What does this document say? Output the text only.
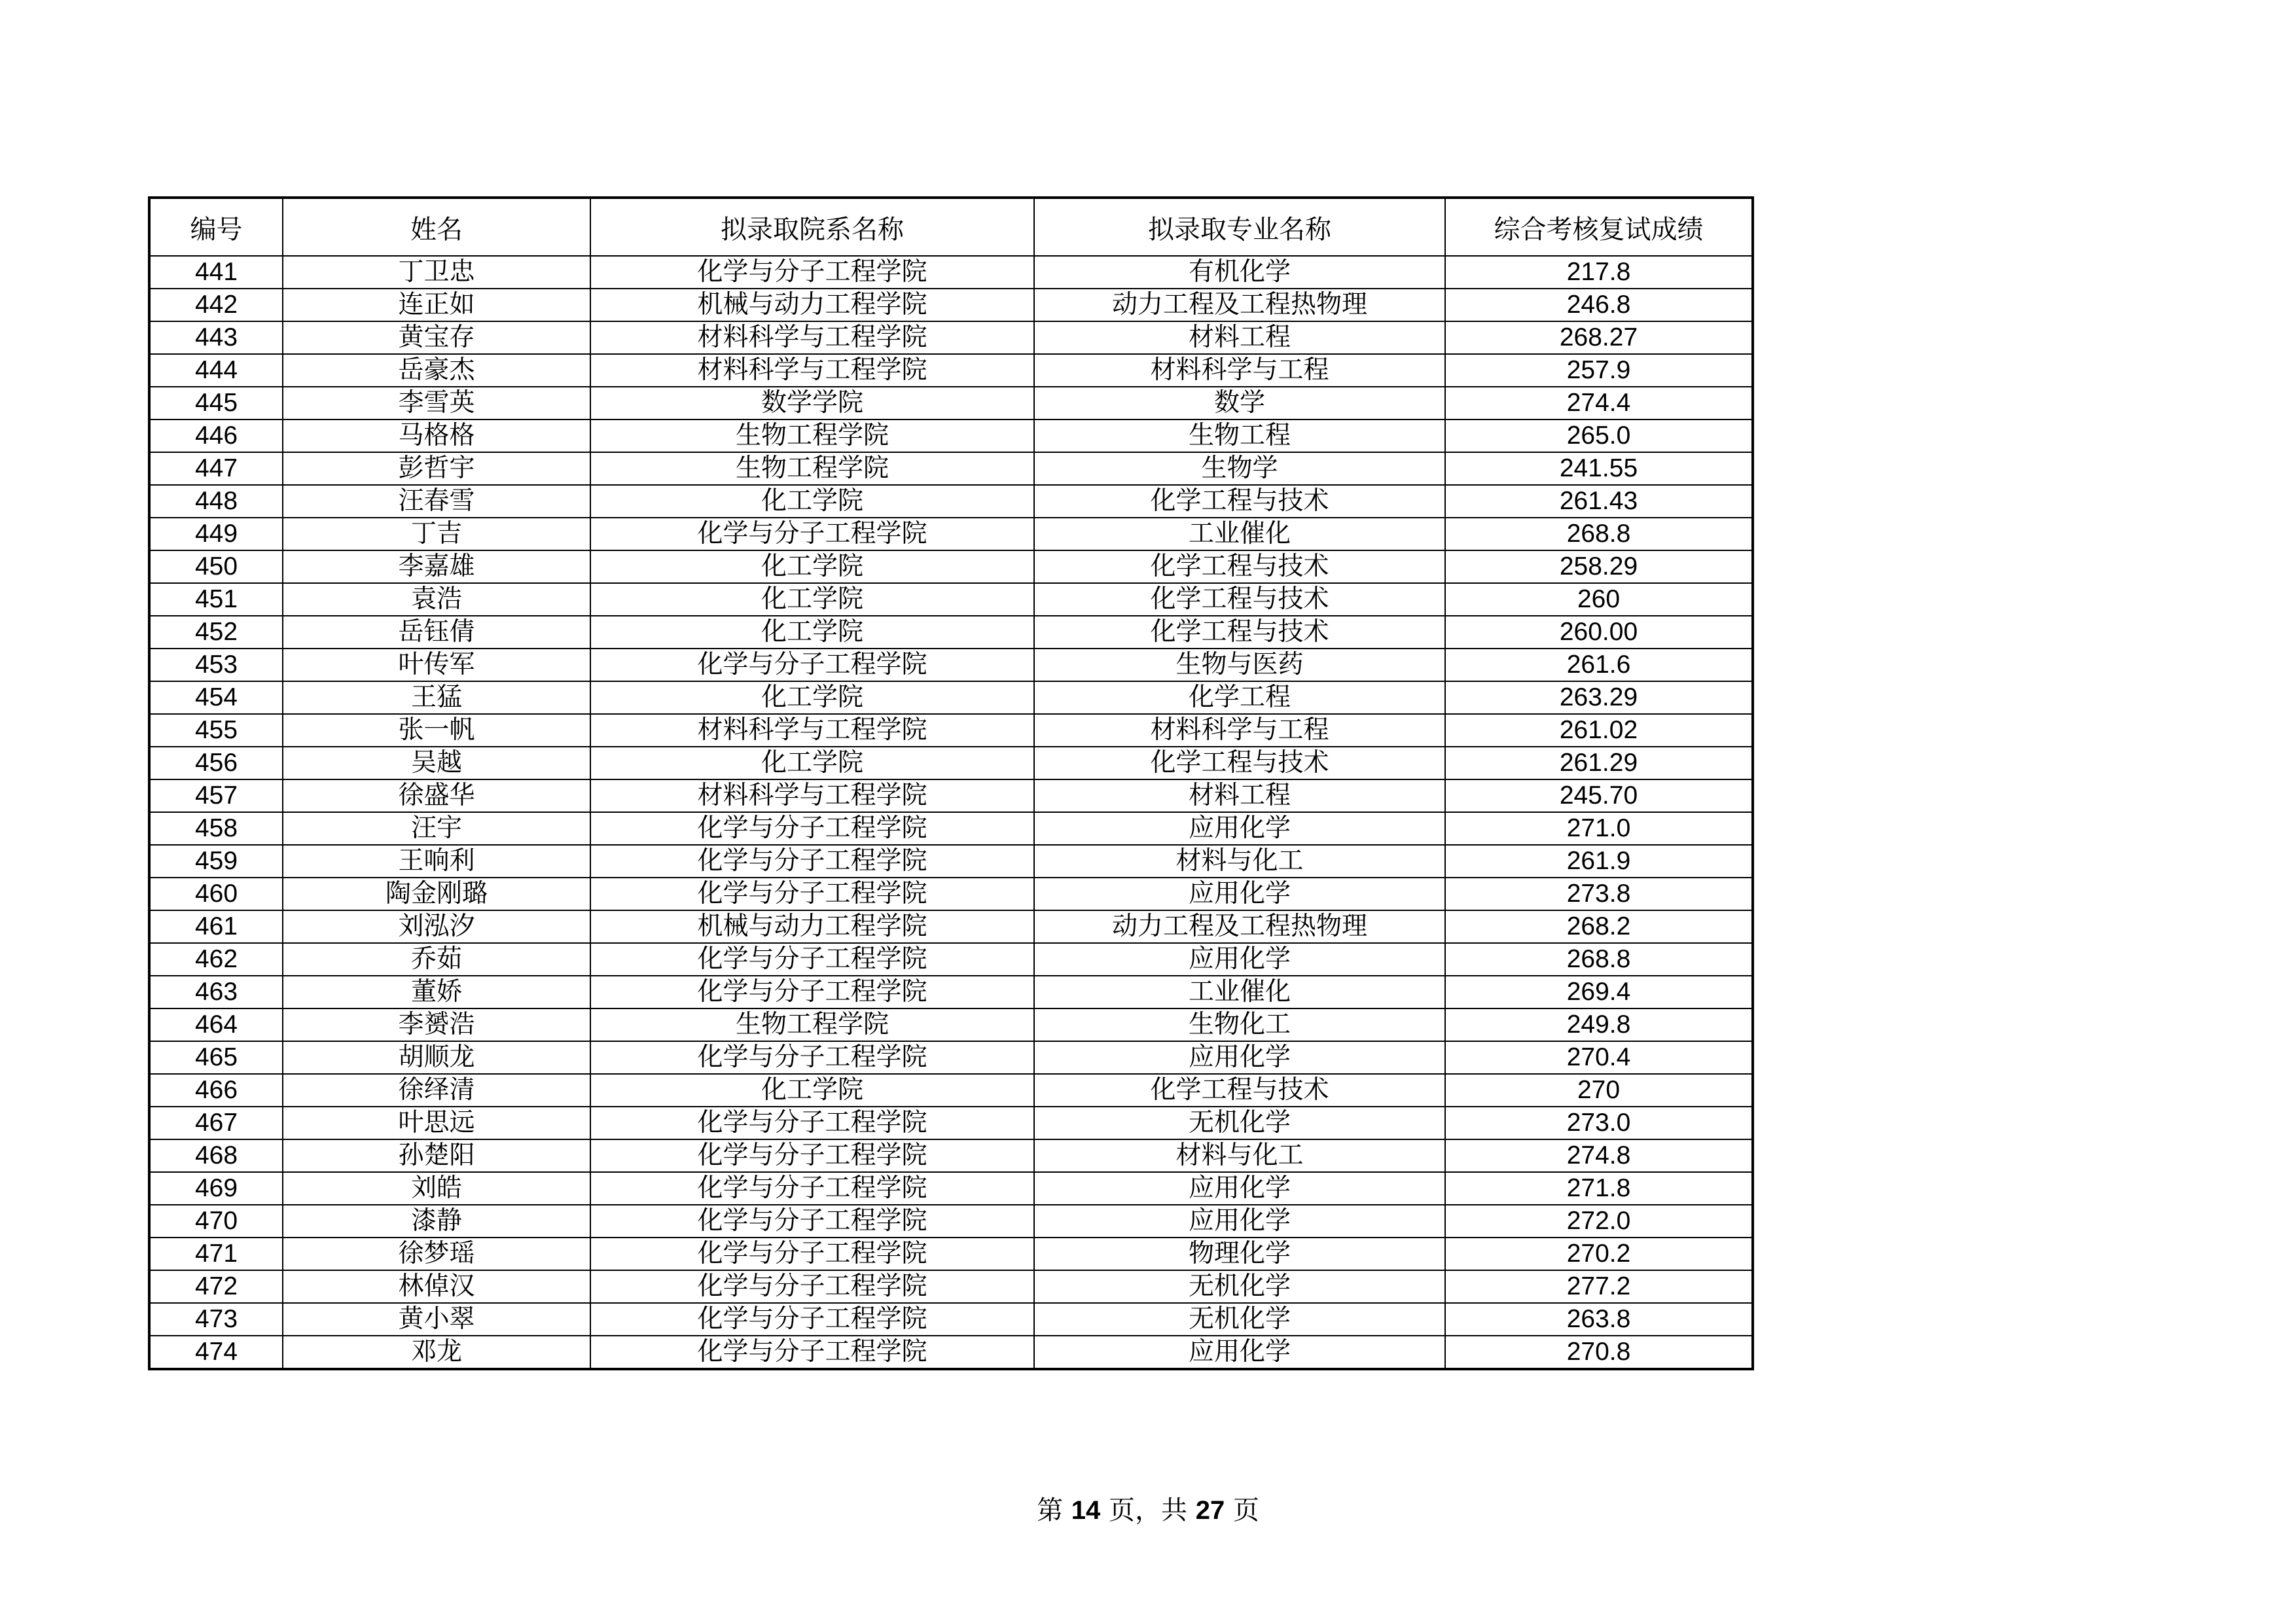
编号	姓名	拟录取院系名称	拟录取专业名称	综合考核复试成绩
441	丁卫忠	化学与分子工程学院	有机化学	217.8
442	连正如	机械与动力工程学院	动力工程及工程热物理	246.8
443	黄宝存	材料科学与工程学院	材料工程	268.27
444	岳豪杰	材料科学与工程学院	材料科学与工程	257.9
445	李雪英	数学学院	数学	274.4
446	马格格	生物工程学院	生物工程	265.0
447	彭哲宇	生物工程学院	生物学	241.55
448	汪春雪	化工学院	化学工程与技术	261.43
449	丁吉	化学与分子工程学院	工业催化	268.8
450	李嘉雄	化工学院	化学工程与技术	258.29
451	袁浩	化工学院	化学工程与技术	260
452	岳钰倩	化工学院	化学工程与技术	260.00
453	叶传军	化学与分子工程学院	生物与医药	261.6
454	王猛	化工学院	化学工程	263.29
455	张一帆	材料科学与工程学院	材料科学与工程	261.02
456	吴越	化工学院	化学工程与技术	261.29
457	徐盛华	材料科学与工程学院	材料工程	245.70
458	汪宇	化学与分子工程学院	应用化学	271.0
459	王响利	化学与分子工程学院	材料与化工	261.9
460	陶金刚璐	化学与分子工程学院	应用化学	273.8
461	刘泓汐	机械与动力工程学院	动力工程及工程热物理	268.2
462	乔茹	化学与分子工程学院	应用化学	268.8
463	董娇	化学与分子工程学院	工业催化	269.4
464	李赟浩	生物工程学院	生物化工	249.8
465	胡顺龙	化学与分子工程学院	应用化学	270.4
466	徐绎清	化工学院	化学工程与技术	270
467	叶思远	化学与分子工程学院	无机化学	273.0
468	孙楚阳	化学与分子工程学院	材料与化工	274.8
469	刘皓	化学与分子工程学院	应用化学	271.8
470	漆静	化学与分子工程学院	应用化学	272.0
471	徐梦瑶	化学与分子工程学院	物理化学	270.2
472	林倬汉	化学与分子工程学院	无机化学	277.2
473	黄小翠	化学与分子工程学院	无机化学	263.8
474	邓龙	化学与分子工程学院	应用化学	270.8
第 14 页，共 27 页
